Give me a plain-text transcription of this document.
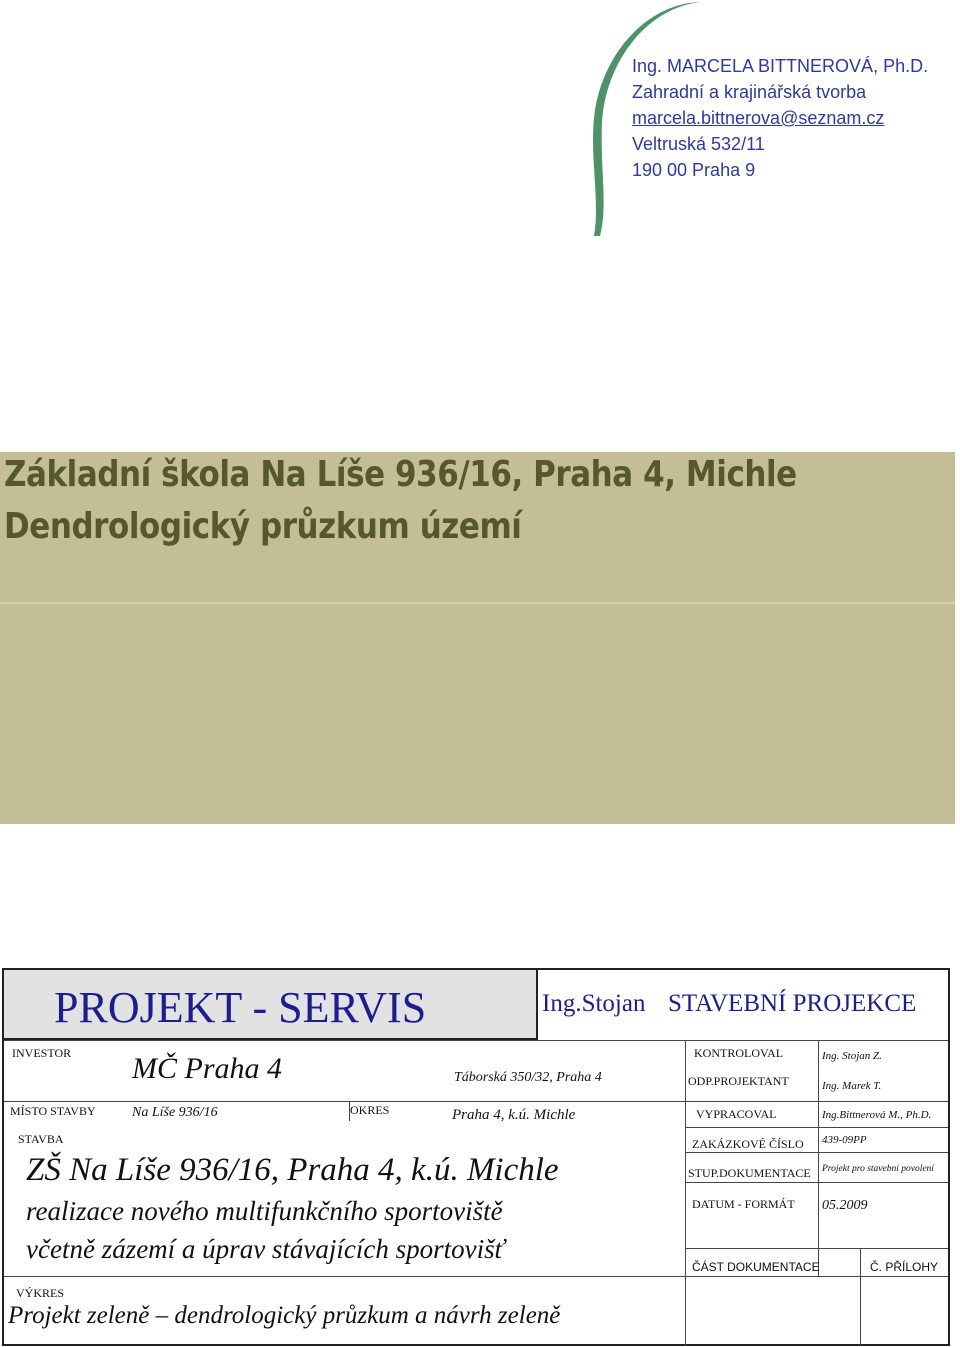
Ing. MARCELA BITTNEROVÁ, Ph.D.
Zahradní a krajinářská tvorba
marcela.bittnerova@seznam.cz
Veltruská 532/11
190 00 Praha 9
Základní škola Na Líše 936/16, Praha 4, Michle
Dendrologický průzkum území
PROJEKT - SERVIS	Ing.Stojan STAVEBNÍ PROJEKCE
INVESTOR MČ Praha 4	Táborská 350/32, Praha 4
MÍSTO STAVBY	Na Líše 936/16	OKRES	Praha 4, k.ú. Michle
STAVBA
ZŠ Na Líše 936/16, Praha 4, k.ú. Michle
realizace nového multifunkčního sportoviště
včetně zázemí a úprav stávajících sportovišť
VÝKRES
Projekt zeleně – dendrologický průzkum a návrh zeleně
KONTROLOVAL	Ing. Stojan Z.
ODP.PROJEKTANT	Ing. Marek T.
VYPRACOVAL	Ing.Bittnerová M., Ph.D.
ZAKÁZKOVÉ ČÍSLO 439-09PP
STUP.DOKUMENTACE Projekt pro stavební povolení
DATUM - FORMÁT 05.2009
ČÁST DOKUMENTACE	Č. PŘÍLOHY
